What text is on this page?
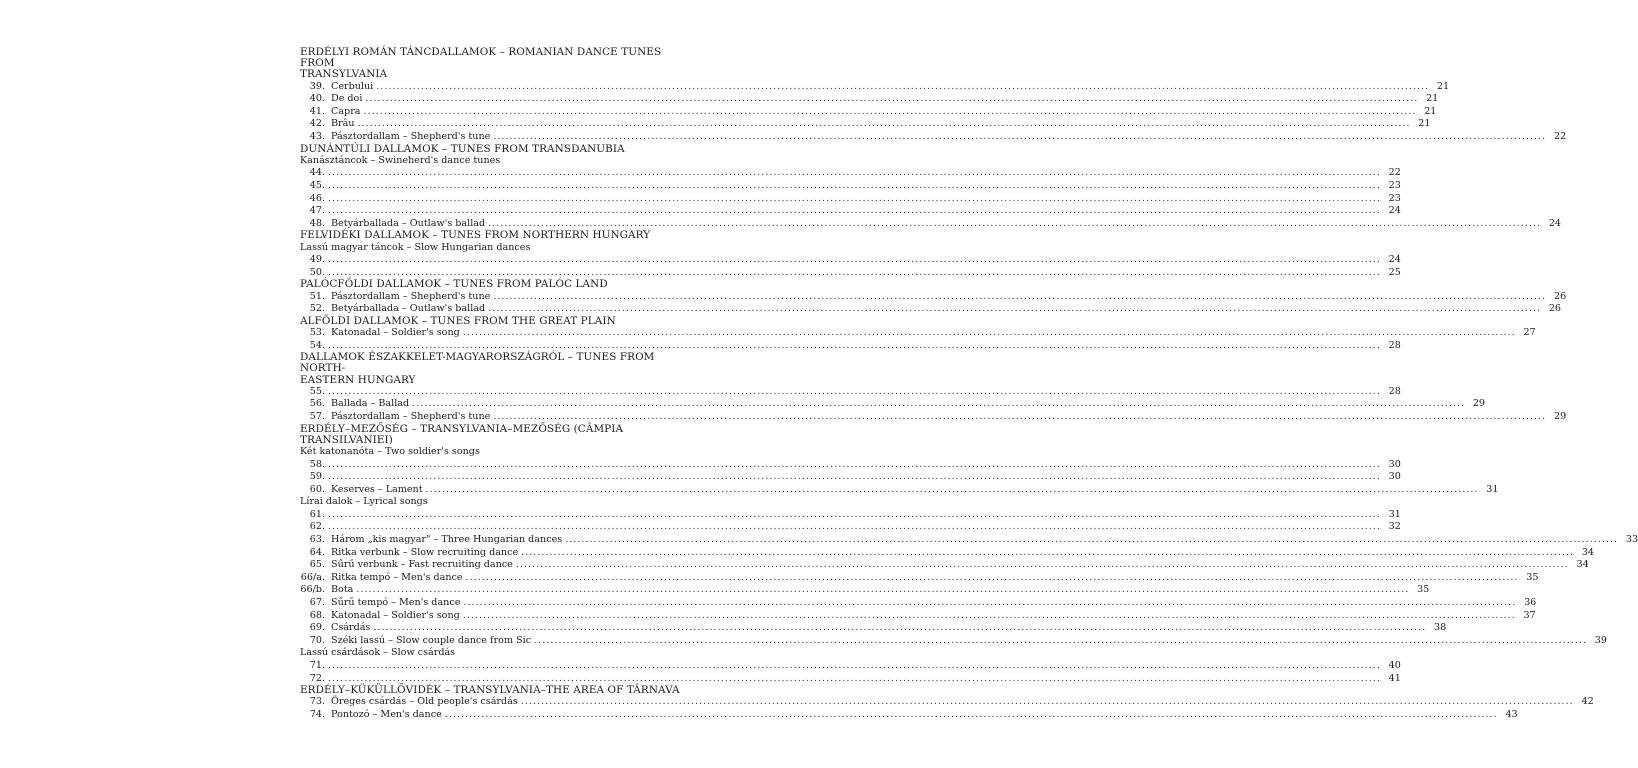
ERDÉLYI ROMÁN TÁNCDALLAMOK – ROMANIAN DANCE TUNES FROM
TRANSYLVANIA
39. Cerbului .................................................................................................................................................................................................................................................................... 21
40. De doi .................................................................................................................................................................................................................................................................... 21
41. Capra .................................................................................................................................................................................................................................................................... 21
42. Brâu .................................................................................................................................................................................................................................................................... 21
43. Pásztordallam – Shepherd's tune .................................................................................................................................................................................................................................................................... 22
DUNÁNTÚLI DALLAMOK – TUNES FROM TRANSDANUBIA
Kanásztáncok – Swineherd's dance tunes
44. .................................................................................................................................................................................................................................................................... 22
45. .................................................................................................................................................................................................................................................................... 23
46. .................................................................................................................................................................................................................................................................... 23
47. .................................................................................................................................................................................................................................................................... 24
48. Betyárballada – Outlaw's ballad .................................................................................................................................................................................................................................................................... 24
FELVIDÉKI DALLAMOK – TUNES FROM NORTHERN HUNGARY
Lassú magyar táncok – Slow Hungarian dances
49. .................................................................................................................................................................................................................................................................... 24
50. .................................................................................................................................................................................................................................................................... 25
PALÓCFÖLDI DALLAMOK – TUNES FROM PALÓC LAND
51. Pásztordallam – Shepherd's tune .................................................................................................................................................................................................................................................................... 26
52. Betyárballada – Outlaw's ballad .................................................................................................................................................................................................................................................................... 26
ALFÖLDI DALLAMOK – TUNES FROM THE GREAT PLAIN
53. Katonadal – Soldier's song .................................................................................................................................................................................................................................................................... 27
54. .................................................................................................................................................................................................................................................................... 28
DALLAMOK ÉSZAKKELET-MAGYARORSZÁGRÓL – TUNES FROM NORTH-
EASTERN HUNGARY
55. .................................................................................................................................................................................................................................................................... 28
56. Ballada – Ballad .................................................................................................................................................................................................................................................................... 29
57. Pásztordallam – Shepherd's tune .................................................................................................................................................................................................................................................................... 29
ERDÉLY–MEZŐSÉG – TRANSYLVANIA–MEZŐSÉG (CÂMPIA TRANSILVANIEI)
Két katonanóta – Two soldier's songs
58. .................................................................................................................................................................................................................................................................... 30
59. .................................................................................................................................................................................................................................................................... 30
60. Keserves – Lament .................................................................................................................................................................................................................................................................... 31
Lírai dalok – Lyrical songs
61. .................................................................................................................................................................................................................................................................... 31
62. .................................................................................................................................................................................................................................................................... 32
63. Három „kis magyar" – Three Hungarian dances .................................................................................................................................................................................................................................................................... 33
64. Ritka verbunk – Slow recruiting dance .................................................................................................................................................................................................................................................................... 34
65. Sűrű verbunk – Fast recruiting dance .................................................................................................................................................................................................................................................................... 34
66/a. Ritka tempó – Men's dance .................................................................................................................................................................................................................................................................... 35
66/b. Bota .................................................................................................................................................................................................................................................................... 35
67. Sűrű tempó – Men's dance .................................................................................................................................................................................................................................................................... 36
68. Katonadal – Soldier's song .................................................................................................................................................................................................................................................................... 37
69. Csárdás .................................................................................................................................................................................................................................................................... 38
70. Széki lassú – Slow couple dance from Sic .................................................................................................................................................................................................................................................................... 39
Lassú csárdások – Slow csárdás
71. .................................................................................................................................................................................................................................................................... 40
72. .................................................................................................................................................................................................................................................................... 41
ERDÉLY–KÜKÜLLŐVIDÉK – TRANSYLVANIA–THE AREA OF TÂRNAVA
73. Öreges csárdás – Old people's csárdás .................................................................................................................................................................................................................................................................... 42
74. Pontozó – Men's dance .................................................................................................................................................................................................................................................................... 43
